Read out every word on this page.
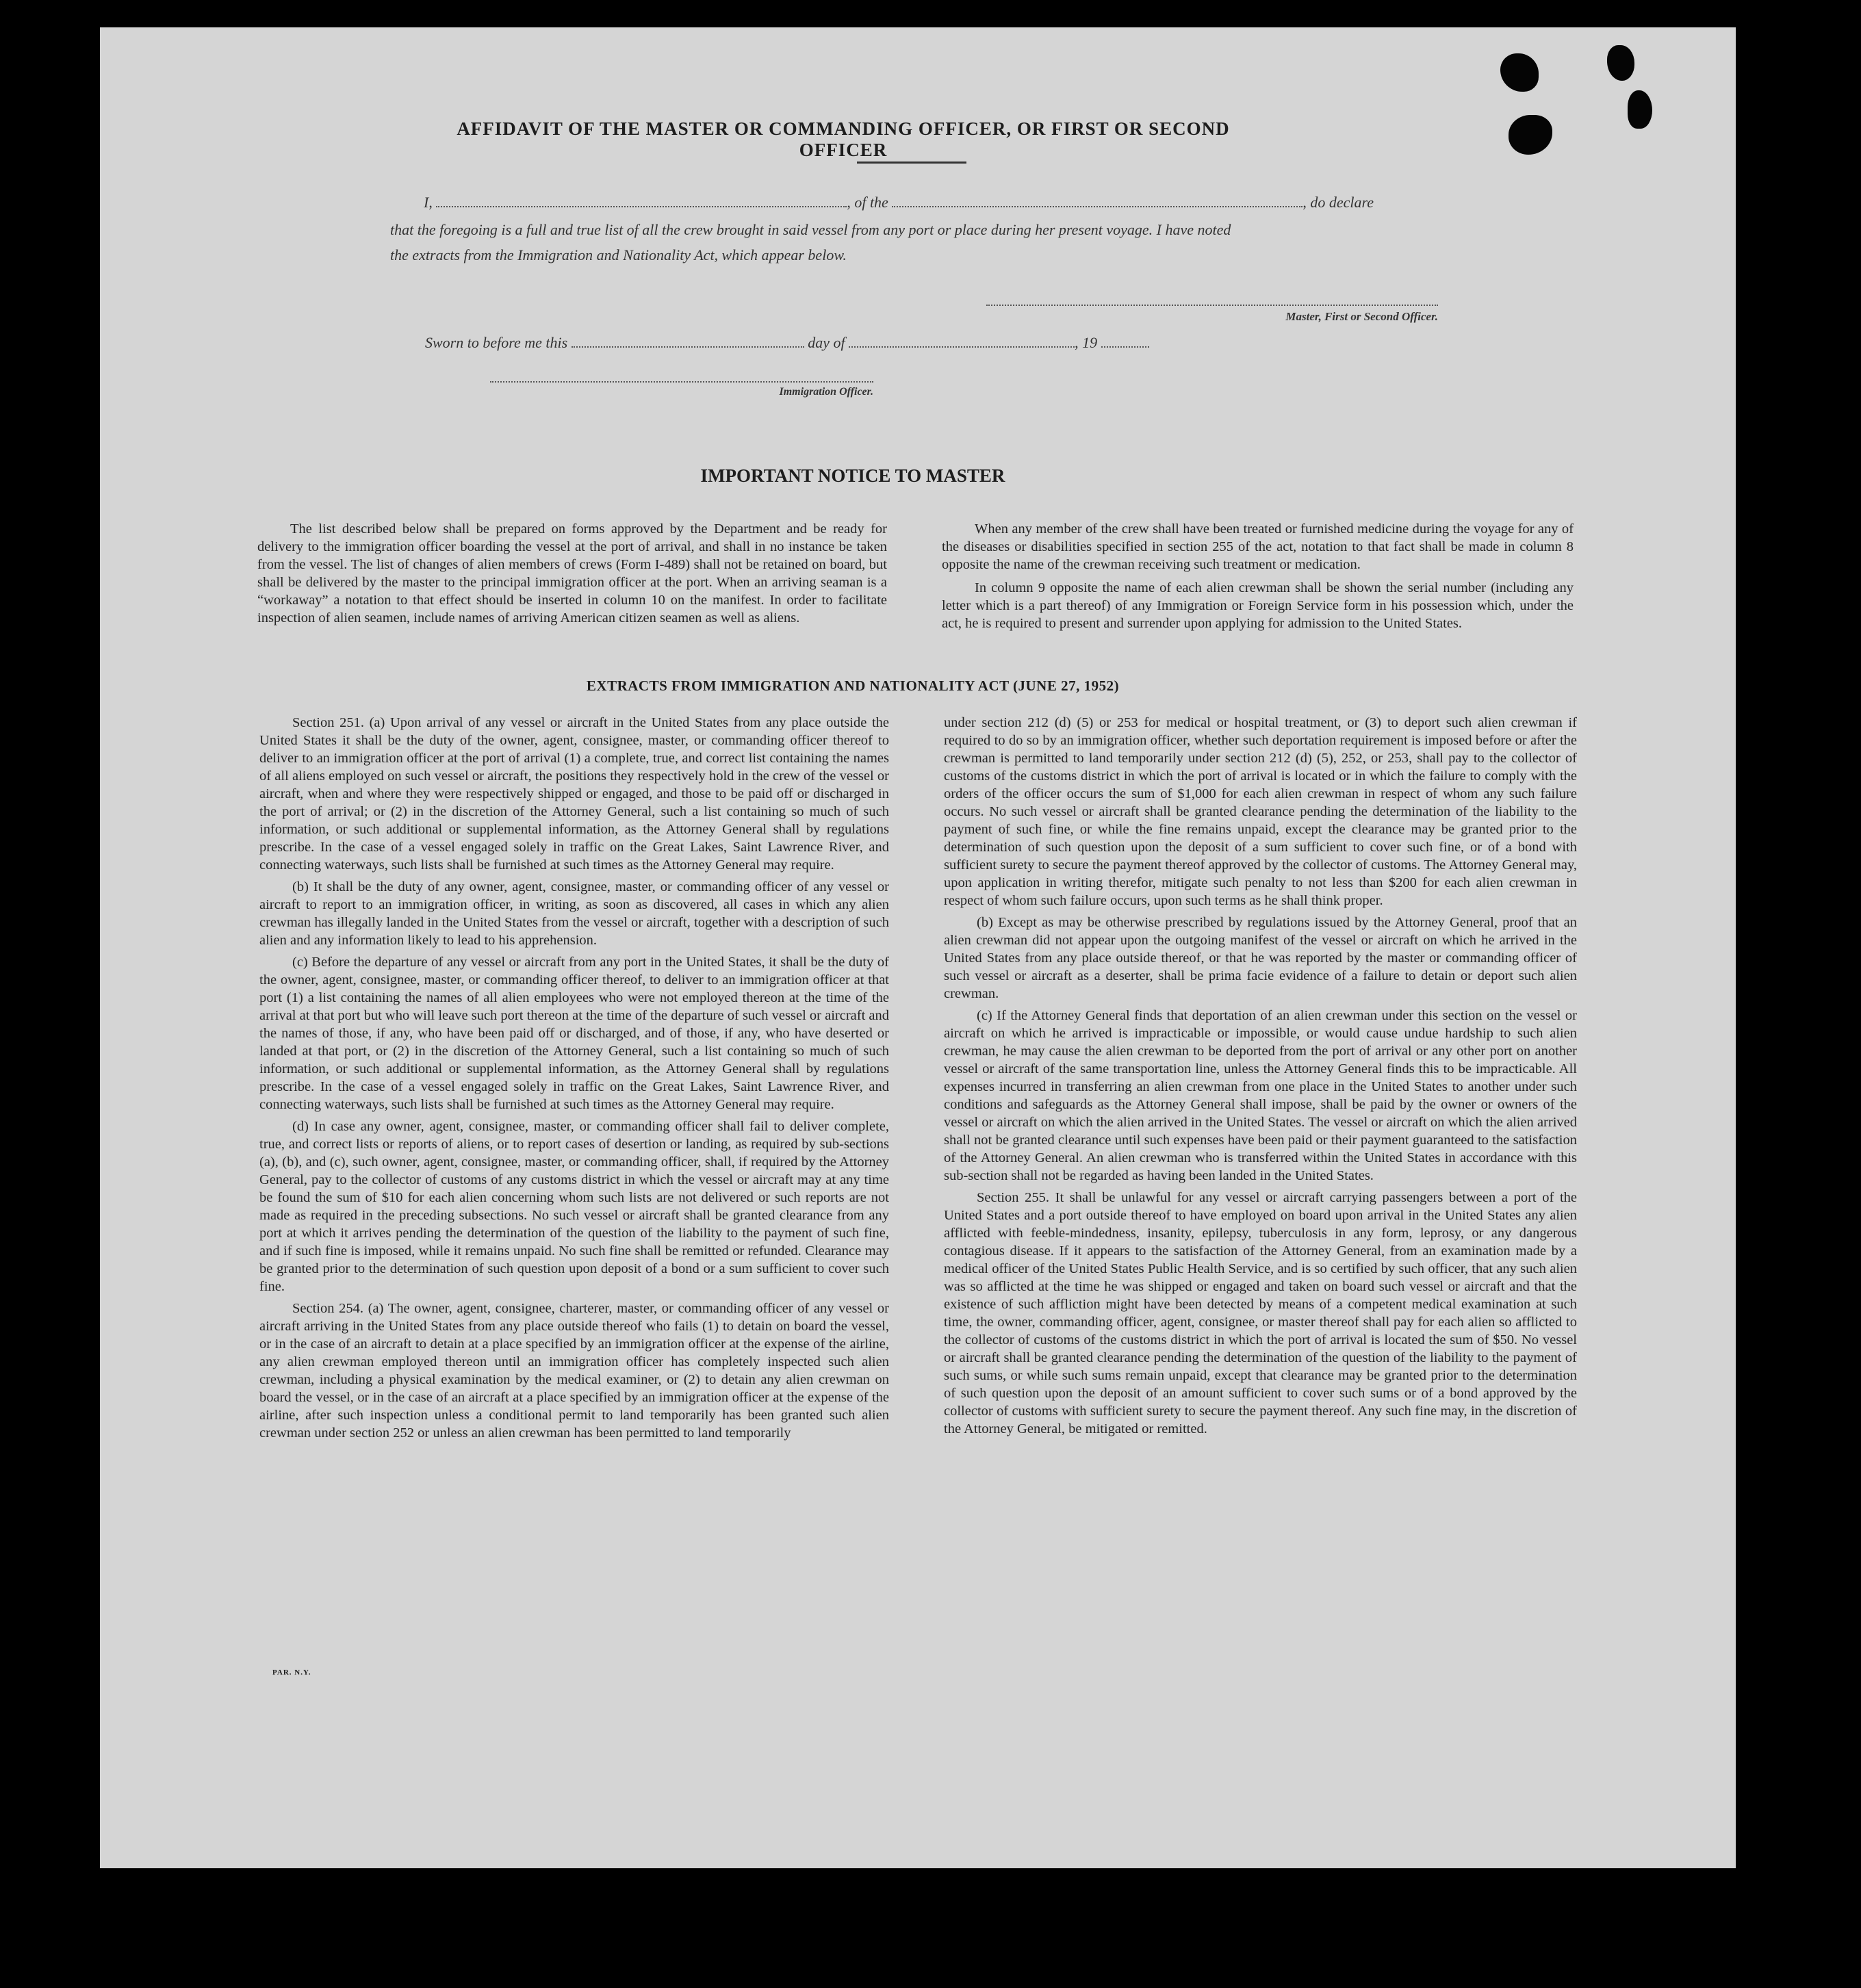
AFFIDAVIT OF THE MASTER OR COMMANDING OFFICER, OR FIRST OR SECOND OFFICER

I,	, of the	, do declare

that the foregoing is a full and true list of all the crew brought in said vessel from any port or place during her present voyage. I have noted

the extracts from the Immigration and Nationality Act, which appear below.

Master, First or Second Officer.

Sworn to before me this	day of	, 19

Immigration Officer.

IMPORTANT NOTICE TO MASTER

The list described below shall be prepared on forms approved by the Department and be ready for delivery to the immigration officer boarding the vessel at the port of arrival, and shall in no instance be taken from the vessel. The list of changes of alien members of crews (Form I-489) shall not be retained on board, but shall be delivered by the master to the principal immigration officer at the port. When an arriving seaman is a “workaway” a notation to that effect should be inserted in column 10 on the manifest. In order to facilitate inspection of alien seamen, include names of arriving American citizen seamen as well as aliens.

When any member of the crew shall have been treated or furnished medicine during the voyage for any of the diseases or disabilities specified in section 255 of the act, notation to that fact shall be made in column 8 opposite the name of the crewman receiving such treatment or medication.

In column 9 opposite the name of each alien crewman shall be shown the serial number (including any letter which is a part thereof) of any Immigration or Foreign Service form in his possession which, under the act, he is required to present and surrender upon applying for admission to the United States.

EXTRACTS FROM IMMIGRATION AND NATIONALITY ACT (JUNE 27, 1952)

Section 251. (a) Upon arrival of any vessel or aircraft in the United States from any place outside the United States it shall be the duty of the owner, agent, consignee, master, or commanding officer thereof to deliver to an immigration officer at the port of arrival (1) a complete, true, and correct list containing the names of all aliens employed on such vessel or aircraft, the positions they respectively hold in the crew of the vessel or aircraft, when and where they were respectively shipped or engaged, and those to be paid off or discharged in the port of arrival; or (2) in the discretion of the Attorney General, such a list containing so much of such information, or such additional or supplemental information, as the Attorney General shall by regulations prescribe. In the case of a vessel engaged solely in traffic on the Great Lakes, Saint Lawrence River, and connecting waterways, such lists shall be furnished at such times as the Attorney General may require.

(b) It shall be the duty of any owner, agent, consignee, master, or commanding officer of any vessel or aircraft to report to an immigration officer, in writing, as soon as discovered, all cases in which any alien crewman has illegally landed in the United States from the vessel or aircraft, together with a description of such alien and any information likely to lead to his apprehension.

(c) Before the departure of any vessel or aircraft from any port in the United States, it shall be the duty of the owner, agent, consignee, master, or commanding officer thereof, to deliver to an immigration officer at that port (1) a list containing the names of all alien employees who were not employed thereon at the time of the arrival at that port but who will leave such port thereon at the time of the departure of such vessel or aircraft and the names of those, if any, who have been paid off or discharged, and of those, if any, who have deserted or landed at that port, or (2) in the discretion of the Attorney General, such a list containing so much of such information, or such additional or supplemental information, as the Attorney General shall by regulations prescribe. In the case of a vessel engaged solely in traffic on the Great Lakes, Saint Lawrence River, and connecting waterways, such lists shall be furnished at such times as the Attorney General may require.

(d) In case any owner, agent, consignee, master, or commanding officer shall fail to deliver complete, true, and correct lists or reports of aliens, or to report cases of desertion or landing, as required by sub-sections (a), (b), and (c), such owner, agent, consignee, master, or commanding officer, shall, if required by the Attorney General, pay to the collector of customs of any customs district in which the vessel or aircraft may at any time be found the sum of $10 for each alien concerning whom such lists are not delivered or such reports are not made as required in the preceding subsections. No such vessel or aircraft shall be granted clearance from any port at which it arrives pending the determination of the question of the liability to the payment of such fine, and if such fine is imposed, while it remains unpaid. No such fine shall be remitted or refunded. Clearance may be granted prior to the determination of such question upon deposit of a bond or a sum sufficient to cover such fine.

Section 254. (a) The owner, agent, consignee, charterer, master, or commanding officer of any vessel or aircraft arriving in the United States from any place outside thereof who fails (1) to detain on board the vessel, or in the case of an aircraft to detain at a place specified by an immigration officer at the expense of the airline, any alien crewman employed thereon until an immigration officer has completely inspected such alien crewman, including a physical examination by the medical examiner, or (2) to detain any alien crewman on board the vessel, or in the case of an aircraft at a place specified by an immigration officer at the expense of the airline, after such inspection unless a conditional permit to land temporarily has been granted such alien crewman under section 252 or unless an alien crewman has been permitted to land temporarily

under section 212 (d) (5) or 253 for medical or hospital treatment, or (3) to deport such alien crewman if required to do so by an immigration officer, whether such deportation requirement is imposed before or after the crewman is permitted to land temporarily under section 212 (d) (5), 252, or 253, shall pay to the collector of customs of the customs district in which the port of arrival is located or in which the failure to comply with the orders of the officer occurs the sum of $1,000 for each alien crewman in respect of whom any such failure occurs. No such vessel or aircraft shall be granted clearance pending the determination of the liability to the payment of such fine, or while the fine remains unpaid, except the clearance may be granted prior to the determination of such question upon the deposit of a sum sufficient to cover such fine, or of a bond with sufficient surety to secure the payment thereof approved by the collector of customs. The Attorney General may, upon application in writing therefor, mitigate such penalty to not less than $200 for each alien crewman in respect of whom such failure occurs, upon such terms as he shall think proper.

(b) Except as may be otherwise prescribed by regulations issued by the Attorney General, proof that an alien crewman did not appear upon the outgoing manifest of the vessel or aircraft on which he arrived in the United States from any place outside thereof, or that he was reported by the master or commanding officer of such vessel or aircraft as a deserter, shall be prima facie evidence of a failure to detain or deport such alien crewman.

(c) If the Attorney General finds that deportation of an alien crewman under this section on the vessel or aircraft on which he arrived is impracticable or impossible, or would cause undue hardship to such alien crewman, he may cause the alien crewman to be deported from the port of arrival or any other port on another vessel or aircraft of the same transportation line, unless the Attorney General finds this to be impracticable. All expenses incurred in transferring an alien crewman from one place in the United States to another under such conditions and safeguards as the Attorney General shall impose, shall be paid by the owner or owners of the vessel or aircraft on which the alien arrived in the United States. The vessel or aircraft on which the alien arrived shall not be granted clearance until such expenses have been paid or their payment guaranteed to the satisfaction of the Attorney General. An alien crewman who is transferred within the United States in accordance with this sub-section shall not be regarded as having been landed in the United States.

Section 255. It shall be unlawful for any vessel or aircraft carrying passengers between a port of the United States and a port outside thereof to have employed on board upon arrival in the United States any alien afflicted with feeble-mindedness, insanity, epilepsy, tuberculosis in any form, leprosy, or any dangerous contagious disease. If it appears to the satisfaction of the Attorney General, from an examination made by a medical officer of the United States Public Health Service, and is so certified by such officer, that any such alien was so afflicted at the time he was shipped or engaged and taken on board such vessel or aircraft and that the existence of such affliction might have been detected by means of a competent medical examination at such time, the owner, commanding officer, agent, consignee, or master thereof shall pay for each alien so afflicted to the collector of customs of the customs district in which the port of arrival is located the sum of $50. No vessel or aircraft shall be granted clearance pending the determination of the question of the liability to the payment of such sums, or while such sums remain unpaid, except that clearance may be granted prior to the determination of such question upon the deposit of an amount sufficient to cover such sums or of a bond approved by the collector of customs with sufficient surety to secure the payment thereof. Any such fine may, in the discretion of the Attorney General, be mitigated or remitted.

PAR. N.Y.
